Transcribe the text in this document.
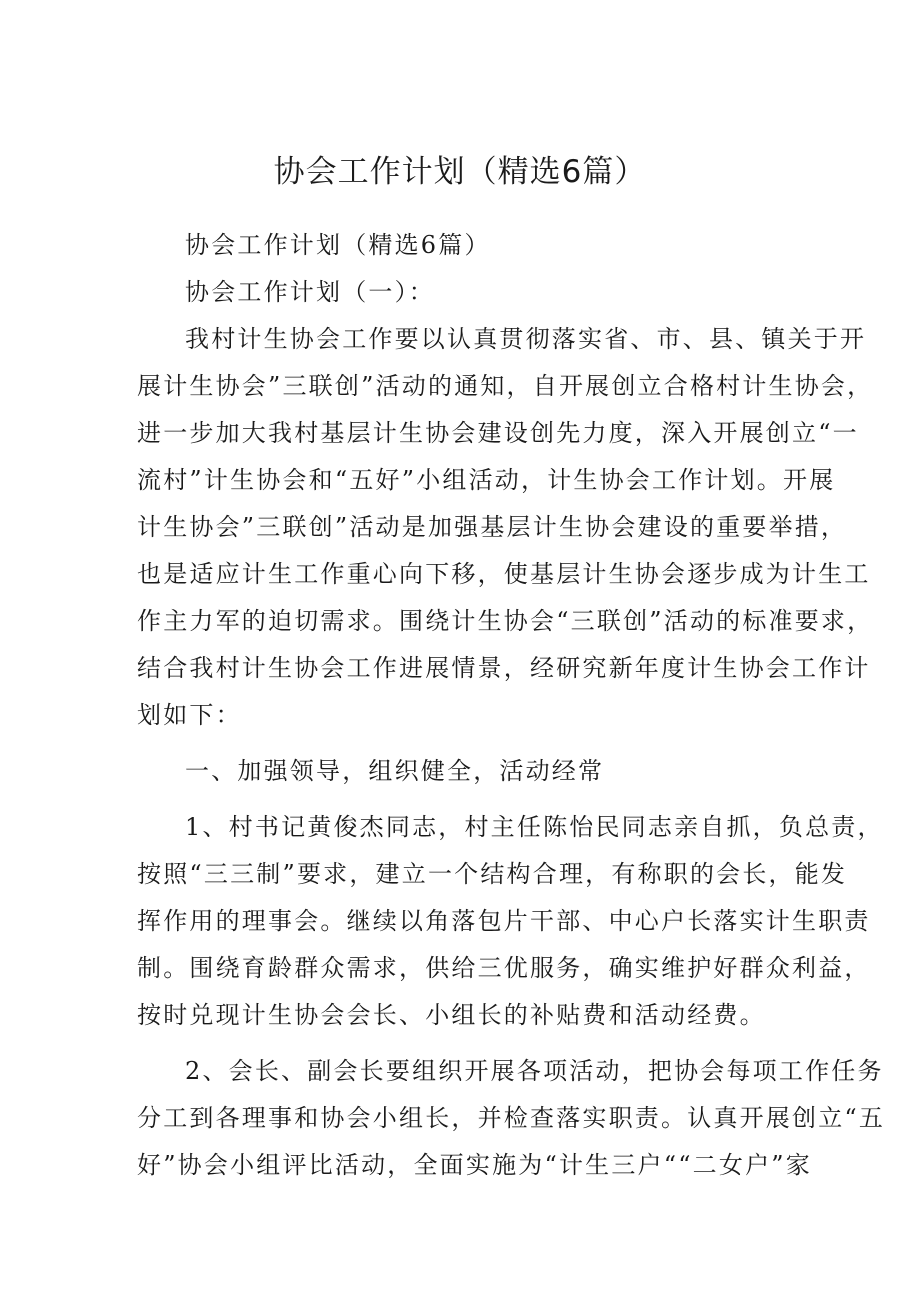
协会工作计划（精选6篇）
协会工作计划（精选6篇）
协会工作计划（一）：
我村计生协会工作要以认真贯彻落实省、市、县、镇关于开
展计生协会”三联创”活动的通知，自开展创立合格村计生协会，
进一步加大我村基层计生协会建设创先力度，深入开展创立“一
流村”计生协会和“五好”小组活动，计生协会工作计划。开展
计生协会”三联创”活动是加强基层计生协会建设的重要举措，
也是适应计生工作重心向下移，使基层计生协会逐步成为计生工
作主力军的迫切需求。围绕计生协会“三联创”活动的标准要求，
结合我村计生协会工作进展情景，经研究新年度计生协会工作计
划如下：
一、加强领导，组织健全，活动经常
1、村书记黄俊杰同志，村主任陈怡民同志亲自抓，负总责，
按照“三三制”要求，建立一个结构合理，有称职的会长，能发
挥作用的理事会。继续以角落包片干部、中心户长落实计生职责
制。围绕育龄群众需求，供给三优服务，确实维护好群众利益，
按时兑现计生协会会长、小组长的补贴费和活动经费。
2、会长、副会长要组织开展各项活动，把协会每项工作任务
分工到各理事和协会小组长，并检查落实职责。认真开展创立“五
好”协会小组评比活动，全面实施为“计生三户““二女户”家
